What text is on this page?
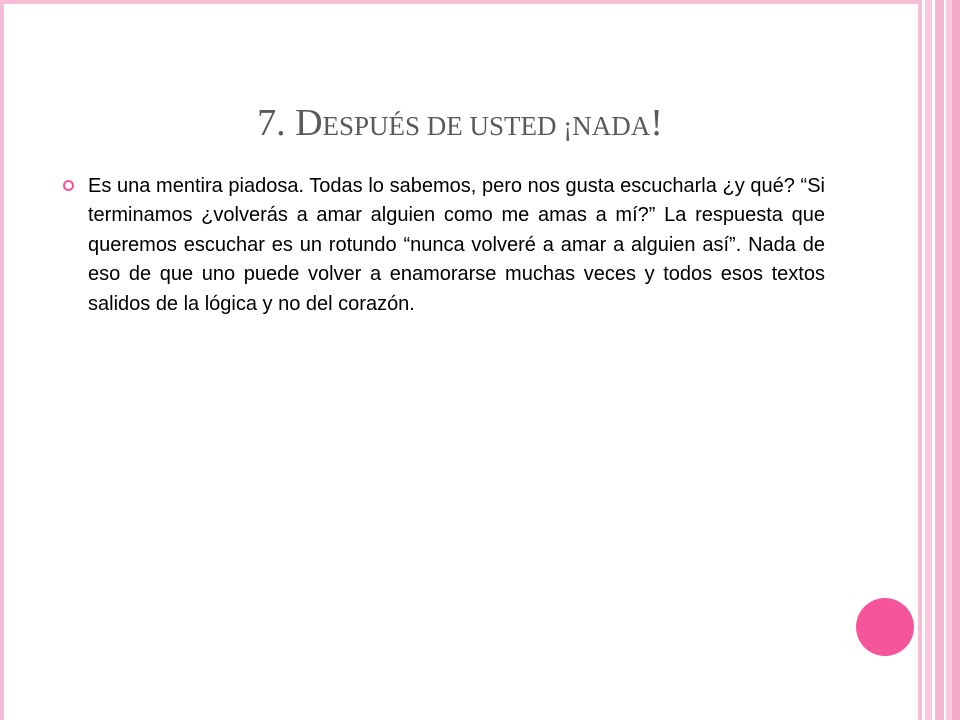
7. DESPUÉS DE USTED ¡NADA!
Es una mentira piadosa. Todas lo sabemos, pero nos gusta escucharla ¿y qué? “Si terminamos ¿volverás a amar alguien como me amas a mí?” La respuesta que queremos escuchar es un rotundo “nunca volveré a amar a alguien así”. Nada de eso de que uno puede volver a enamorarse muchas veces y todos esos textos salidos de la lógica y no del corazón.
